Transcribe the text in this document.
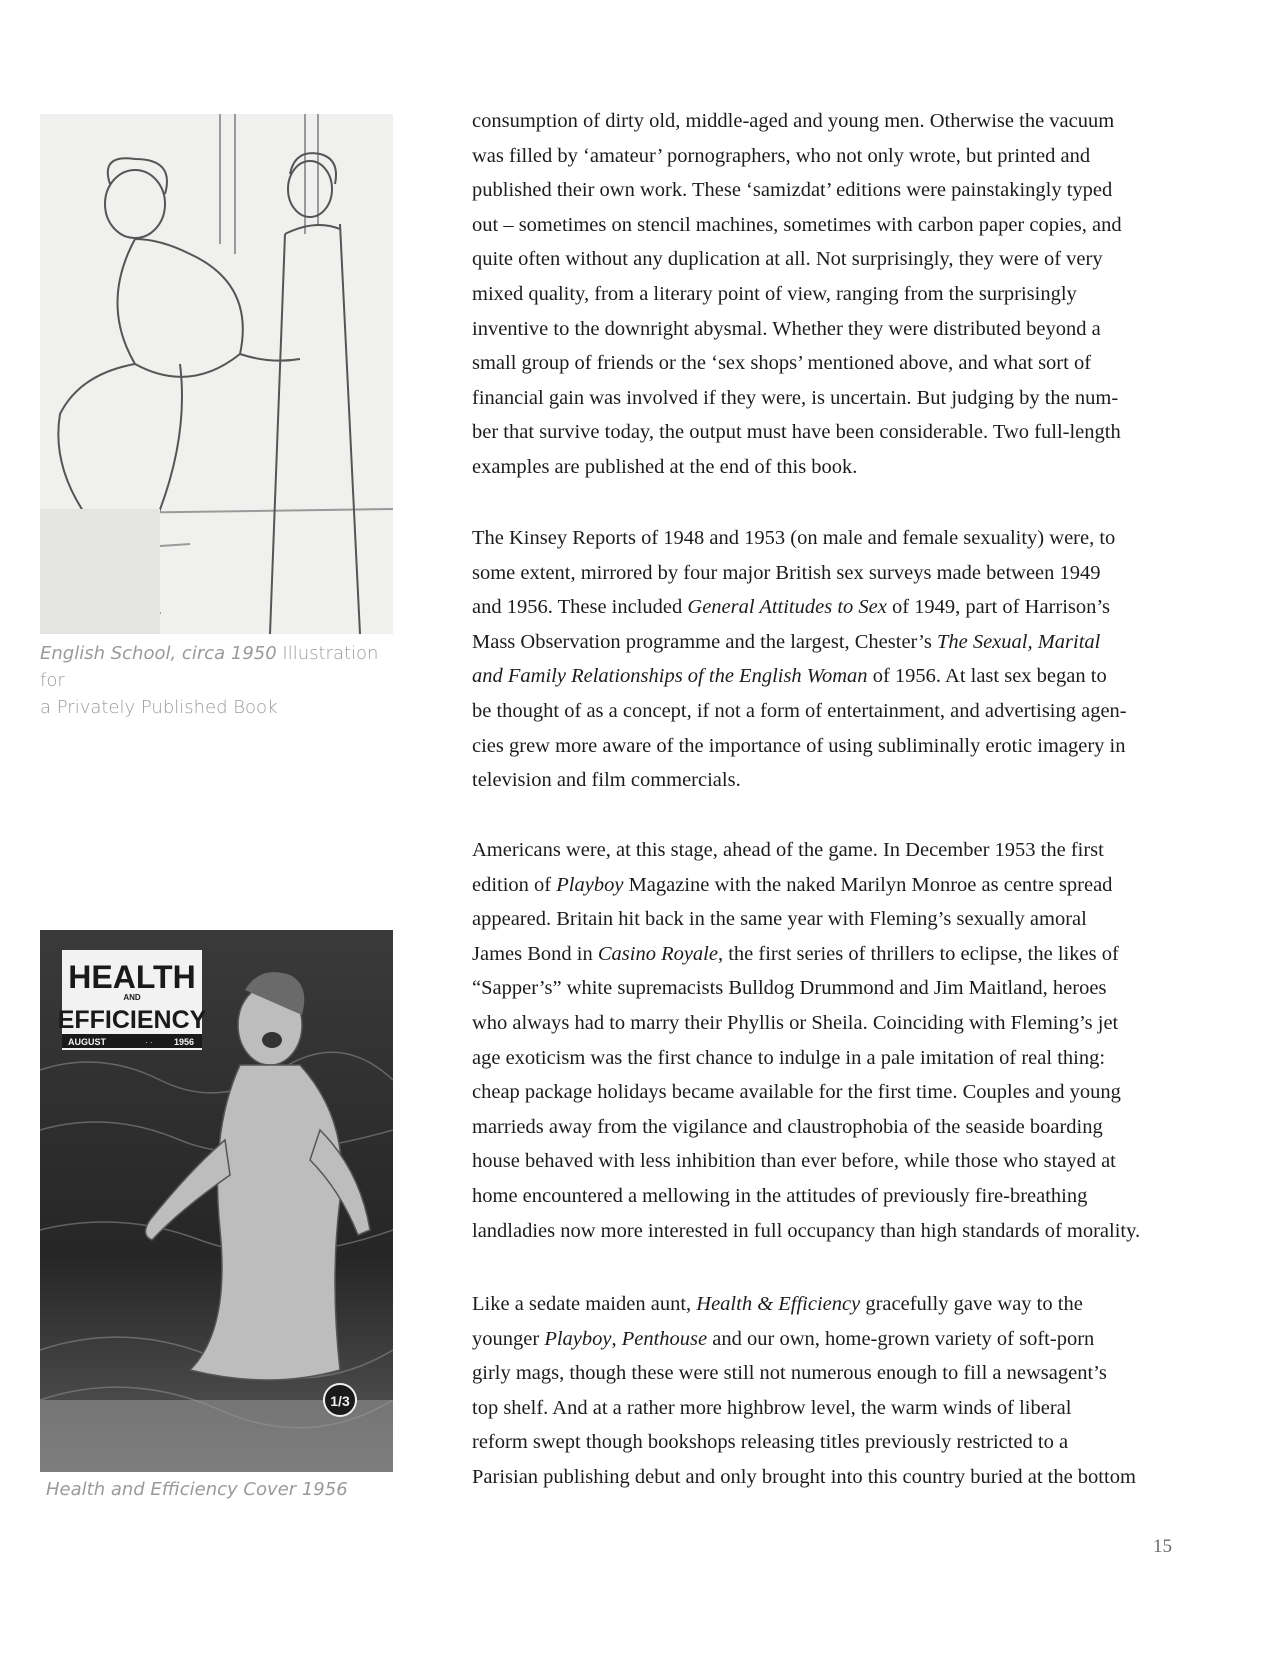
English School, circa 1950 Illustration for
a Privately Published Book
HEALTH
AND
EFFICIENCY
AUGUST	· · 1956
1/3
Health and Efficiency Cover 1956

consumption of dirty old, middle-aged and young men. Otherwise the vacuum
was filled by ‘amateur’ pornographers, who not only wrote, but printed and
published their own work. These ‘samizdat’ editions were painstakingly typed
out – sometimes on stencil machines, sometimes with carbon paper copies, and
quite often without any duplication at all. Not surprisingly, they were of very
mixed quality, from a literary point of view, ranging from the surprisingly
inventive to the downright abysmal. Whether they were distributed beyond a
small group of friends or the ‘sex shops’ mentioned above, and what sort of
financial gain was involved if they were, is uncertain. But judging by the num-
ber that survive today, the output must have been considerable. Two full-length
examples are published at the end of this book.

The Kinsey Reports of 1948 and 1953 (on male and female sexuality) were, to
some extent, mirrored by four major British sex surveys made between 1949
and 1956. These included General Attitudes to Sex of 1949, part of Harrison’s
Mass Observation programme and the largest, Chester’s The Sexual, Marital
and Family Relationships of the English Woman of 1956. At last sex began to
be thought of as a concept, if not a form of entertainment, and advertising agen-
cies grew more aware of the importance of using subliminally erotic imagery in
television and film commercials.

Americans were, at this stage, ahead of the game. In December 1953 the first
edition of Playboy Magazine with the naked Marilyn Monroe as centre spread
appeared. Britain hit back in the same year with Fleming’s sexually amoral
James Bond in Casino Royale, the first series of thrillers to eclipse, the likes of
“Sapper’s” white supremacists Bulldog Drummond and Jim Maitland, heroes
who always had to marry their Phyllis or Sheila. Coinciding with Fleming’s jet
age exoticism was the first chance to indulge in a pale imitation of real thing:
cheap package holidays became available for the first time. Couples and young
marrieds away from the vigilance and claustrophobia of the seaside boarding
house behaved with less inhibition than ever before, while those who stayed at
home encountered a mellowing in the attitudes of previously fire-breathing
landladies now more interested in full occupancy than high standards of morality.

Like a sedate maiden aunt, Health & Efficiency gracefully gave way to the
younger Playboy, Penthouse and our own, home-grown variety of soft-porn
girly mags, though these were still not numerous enough to fill a newsagent’s
top shelf. And at a rather more highbrow level, the warm winds of liberal
reform swept though bookshops releasing titles previously restricted to a
Parisian publishing debut and only brought into this country buried at the bottom

15
